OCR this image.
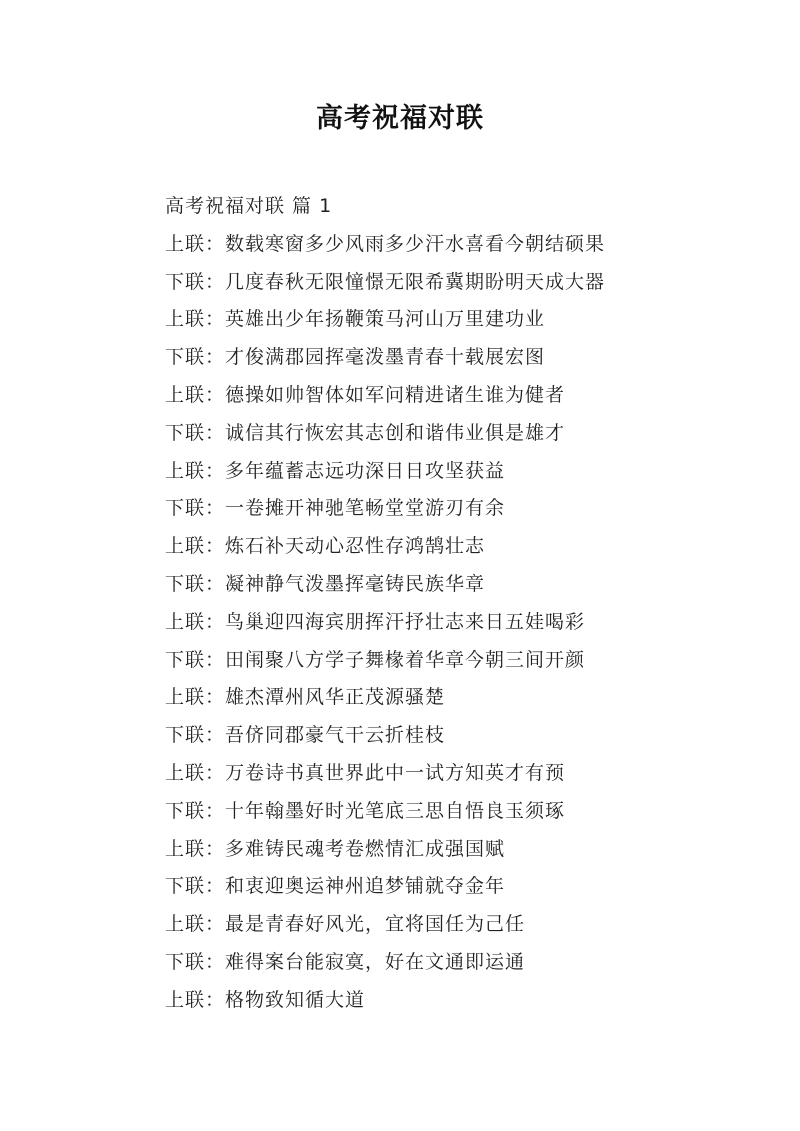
高考祝福对联
高考祝福对联 篇 1
上联：数载寒窗多少风雨多少汗水喜看今朝结硕果
下联：几度春秋无限憧憬无限希冀期盼明天成大器
上联：英雄出少年扬鞭策马河山万里建功业
下联：才俊满郡园挥毫泼墨青春十载展宏图
上联：德操如帅智体如军问精进诸生谁为健者
下联：诚信其行恢宏其志创和谐伟业俱是雄才
上联：多年蕴蓄志远功深日日攻坚获益
下联：一卷摊开神驰笔畅堂堂游刃有余
上联：炼石补天动心忍性存鸿鹄壮志
下联：凝神静气泼墨挥毫铸民族华章
上联：鸟巢迎四海宾朋挥汗抒壮志来日五娃喝彩
下联：田闱聚八方学子舞椽着华章今朝三间开颜
上联：雄杰潭州风华正茂源骚楚
下联：吾侪同郡豪气干云折桂枝
上联：万卷诗书真世界此中一试方知英才有预
下联：十年翰墨好时光笔底三思自悟良玉须琢
上联：多难铸民魂考卷燃情汇成强国赋
下联：和衷迎奥运神州追梦铺就夺金年
上联：最是青春好风光，宜将国任为己任
下联：难得案台能寂寞，好在文通即运通
上联：格物致知循大道
